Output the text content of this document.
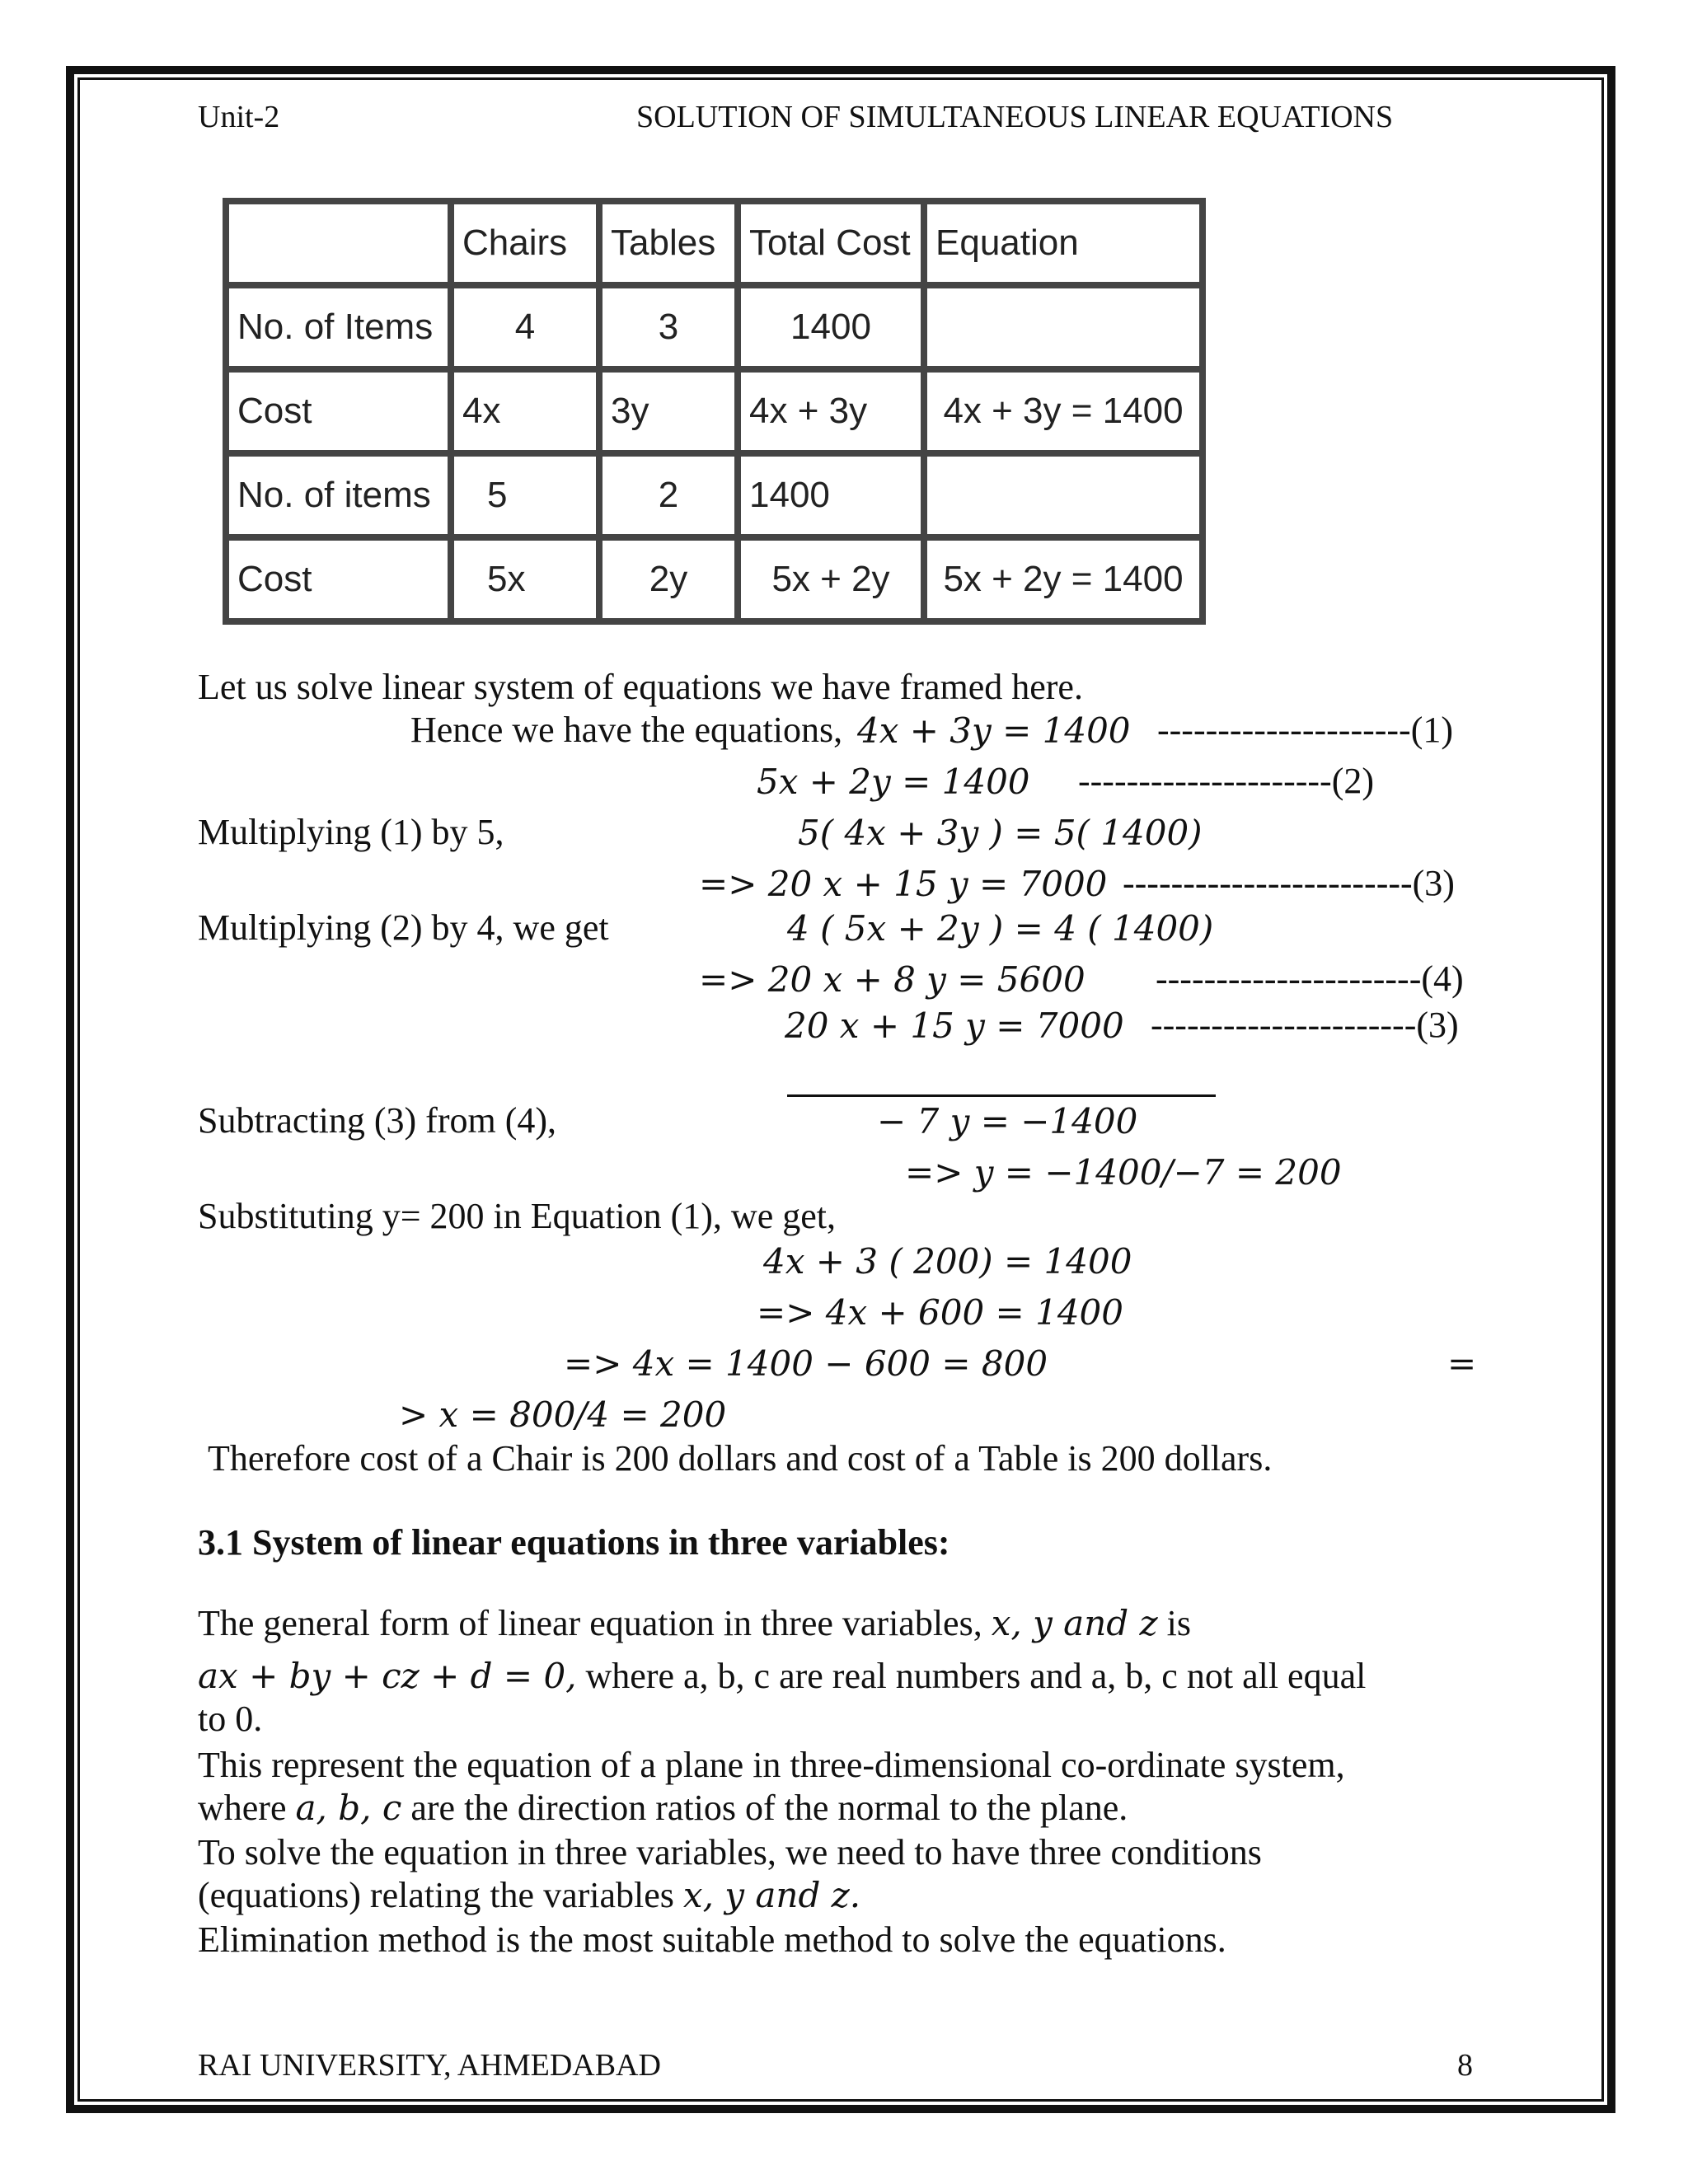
Unit-2	SOLUTION OF SIMULTANEOUS LINEAR EQUATIONS
	Chairs	Tables	Total Cost	Equation
No. of Items	4	3	1400	
Cost	4x	3y	4x + 3y	4x + 3y = 1400
No. of items	5	2	1400	
Cost	5x	2y	5x + 2y	5x + 2y = 1400
Let us solve linear system of equations we have framed here.
Hence we have the equations, 4x + 3y = 1400 ---------------------(1)
5x + 2y = 1400 ---------------------(2)
Multiplying (1) by 5,	5( 4x + 3y ) = 5( 1400)
=> 20 x + 15 y = 7000 ------------------------(3)
Multiplying (2) by 4, we get	4 ( 5x + 2y ) = 4 ( 1400)
=> 20 x + 8 y = 5600 ----------------------(4)
20 x + 15 y = 7000 ----------------------(3)
Subtracting (3) from (4),	− 7 y = −1400
=> y = −1400/−7 = 200
Substituting y= 200 in Equation (1), we get,
4x + 3 ( 200) = 1400
=> 4x + 600 = 1400
=> 4x = 1400 − 600 = 800	=
> x = 800/4 = 200
Therefore cost of a Chair is 200 dollars and cost of a Table is 200 dollars.
3.1 System of linear equations in three variables:
The general form of linear equation in three variables, x, y and z is
ax + by + cz + d = 0, where a, b, c are real numbers and a, b, c not all equal
to 0.
This represent the equation of a plane in three-dimensional co-ordinate system,
where a, b, c are the direction ratios of the normal to the plane.
To solve the equation in three variables, we need to have three conditions
(equations) relating the variables x, y and z.
Elimination method is the most suitable method to solve the equations.
RAI UNIVERSITY, AHMEDABAD	8
